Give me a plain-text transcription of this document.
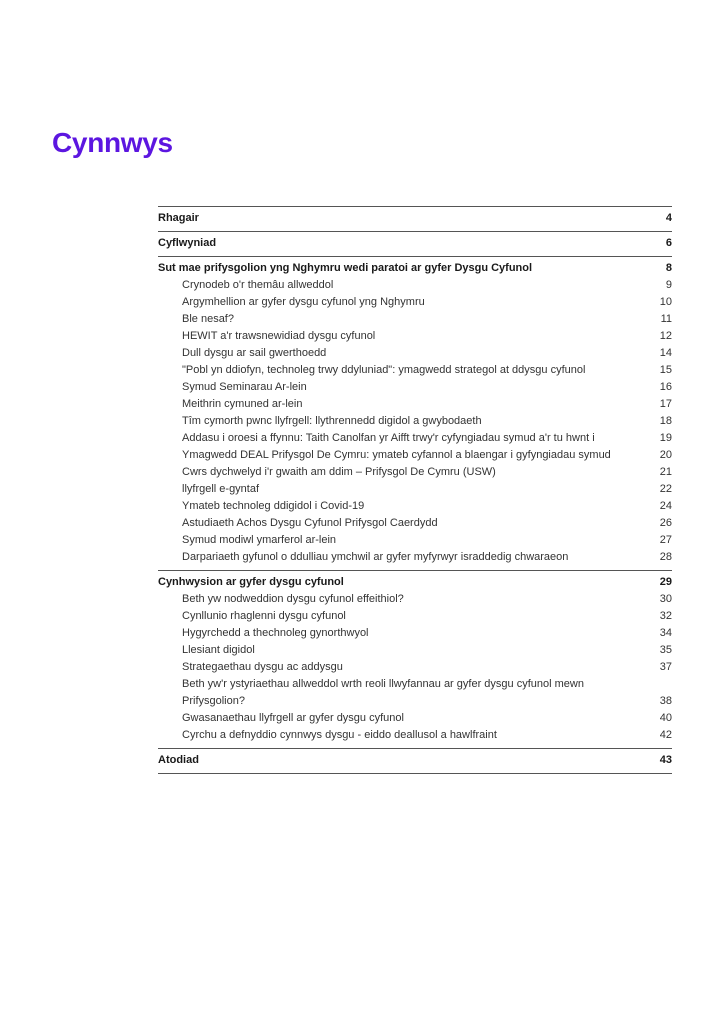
Cynnwys
Rhagair	4
Cyflwyniad	6
Sut mae prifysgolion yng Nghymru wedi paratoi ar gyfer Dysgu Cyfunol	8
Crynodeb o'r themâu allweddol	9
Argymhellion ar gyfer dysgu cyfunol yng Nghymru	10
Ble nesaf?	11
HEWIT a'r trawsnewidiad dysgu cyfunol	12
Dull dysgu ar sail gwerthoedd	14
"Pobl yn ddiofyn, technoleg trwy ddyluniad": ymagwedd strategol at ddysgu cyfunol	15
Symud Seminarau Ar-lein	16
Meithrin cymuned ar-lein	17
Tîm cymorth pwnc llyfrgell: llythrennedd digidol a gwybodaeth	18
Addasu i oroesi a ffynnu: Taith Canolfan yr Aifft trwy'r cyfyngiadau symud a'r tu hwnt i	19
Ymagwedd DEAL Prifysgol De Cymru: ymateb cyfannol a blaengar i gyfyngiadau symud	20
Cwrs dychwelyd i'r gwaith am ddim – Prifysgol De Cymru (USW)	21
llyfrgell e-gyntaf	22
Ymateb technoleg ddigidol i Covid-19	24
Astudiaeth Achos Dysgu Cyfunol Prifysgol Caerdydd	26
Symud modiwl ymarferol ar-lein	27
Darpariaeth gyfunol o ddulliau ymchwil ar gyfer myfyrwyr israddedig chwaraeon	28
Cynhwysion ar gyfer dysgu cyfunol	29
Beth yw nodweddion dysgu cyfunol effeithiol?	30
Cynllunio rhaglenni dysgu cyfunol	32
Hygyrchedd a thechnoleg gynorthwyol	34
Llesiant digidol	35
Strategaethau dysgu ac addysgu	37
Beth yw'r ystyriaethau allweddol wrth reoli llwyfannau ar gyfer dysgu cyfunol mewn Prifysgolion?	38
Gwasanaethau llyfrgell ar gyfer dysgu cyfunol	40
Cyrchu a defnyddio cynnwys dysgu - eiddo deallusol a hawlfraint	42
Atodiad	43
